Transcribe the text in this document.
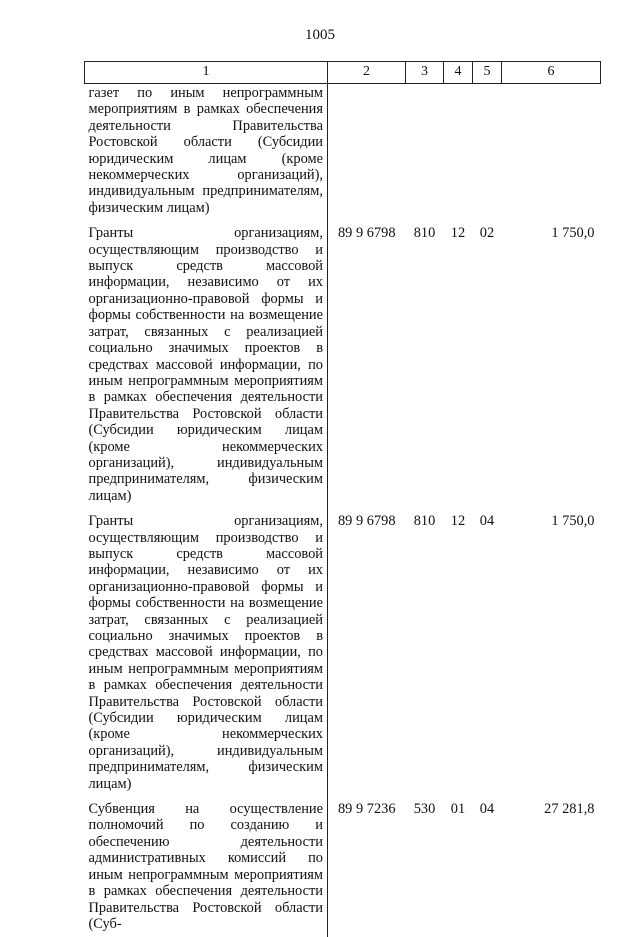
1005
1	2	3	4	5	6
газет по иным непрограммным мероприятиям в рамках обеспечения деятельности Правительства Ростовской области (Субсидии юридическим лицам (кроме некоммерческих организаций), индивидуальным предпринимателям, физическим лицам)					
Гранты организациям, осуществляющим производство и выпуск средств массовой информации, независимо от их организационно-правовой формы и формы собственности на возмещение затрат, связанных с реализацией социально значимых проектов в средствах массовой информации, по иным непрограммным мероприятиям в рамках обеспечения деятельности Правительства Ростовской области (Субсидии юридическим лицам (кроме некоммерческих организаций), индивидуальным предпринимателям, физическим лицам)	89 9 6798	810	12	02	1 750,0
Гранты организациям, осуществляющим производство и выпуск средств массовой информации, независимо от их организационно-правовой формы и формы собственности на возмещение затрат, связанных с реализацией социально значимых проектов в средствах массовой информации, по иным непрограммным мероприятиям в рамках обеспечения деятельности Правительства Ростовской области (Субсидии юридическим лицам (кроме некоммерческих организаций), индивидуальным предпринимателям, физическим лицам)	89 9 6798	810	12	04	1 750,0
Субвенция на осуществление полномочий по созданию и обеспечению деятельности административных комиссий по иным непрограммным мероприятиям в рамках обеспечения деятельности Правительства Ростовской области (Суб-	89 9 7236	530	01	04	27 281,8
